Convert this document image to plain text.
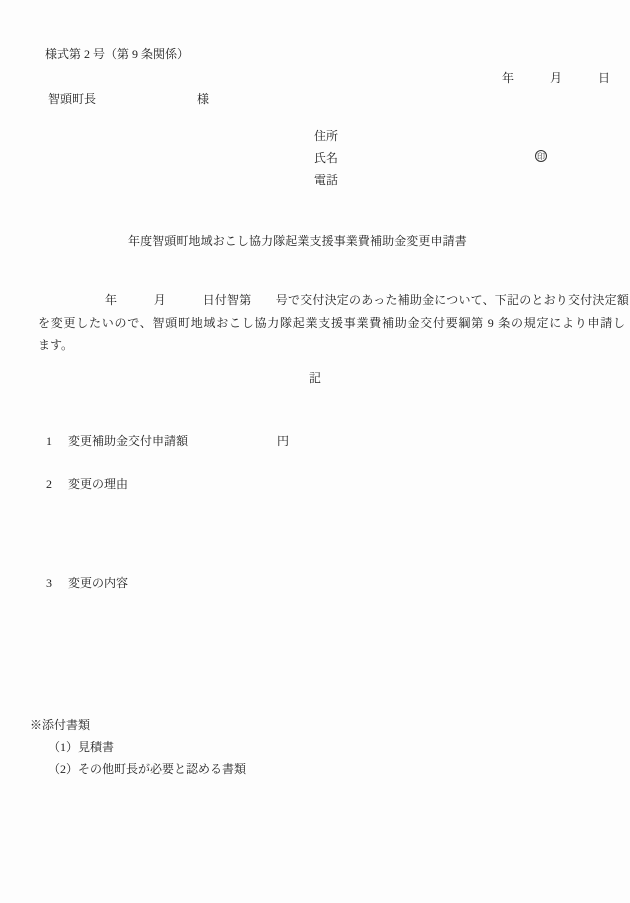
様式第 2 号（第 9 条関係）
年　　　月　　　日
智頭町長	様
住所
氏名	印
電話
年度智頭町地域おこし協力隊起業支援事業費補助金変更申請書
年　　　月　　　日付智第　　号で交付決定のあった補助金について、下記のとおり交付決定額
を変更したいので、智頭町地域おこし協力隊起業支援事業費補助金交付要綱第 9 条の規定により申請し
ます。
記
1 変更補助金交付申請額	円
2 変更の理由
3 変更の内容
※添付書類
（1）見積書
（2）その他町長が必要と認める書類
